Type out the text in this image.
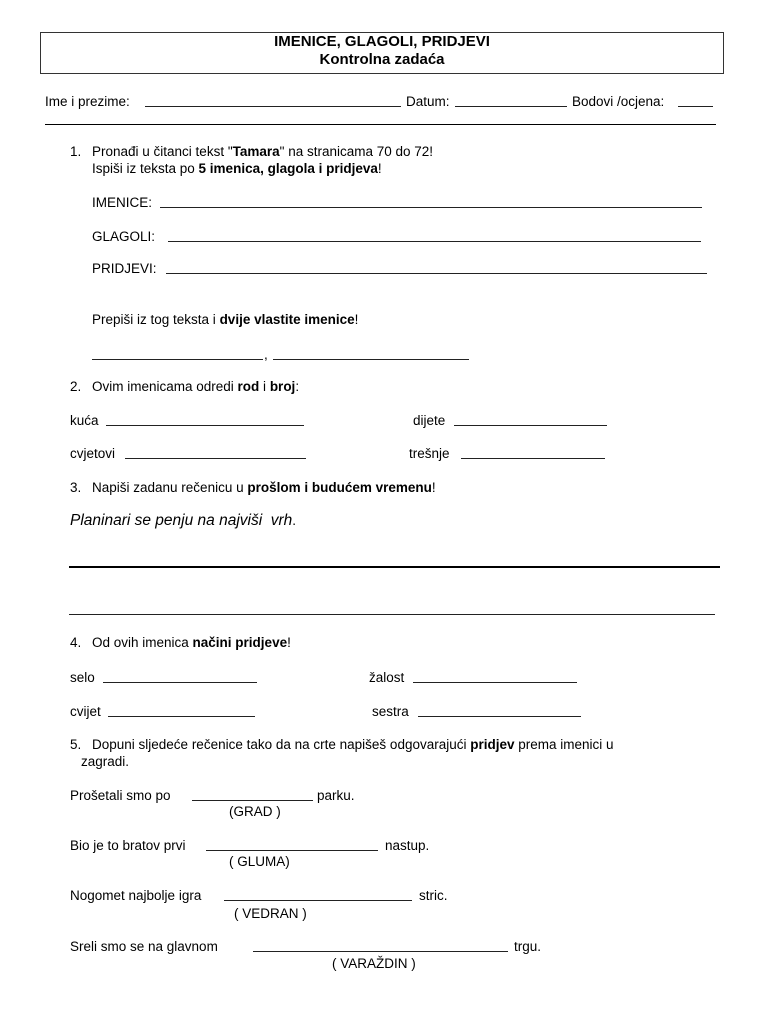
IMENICE, GLAGOLI, PRIDJEVI
Kontrolna zadaća
Ime i prezime:	Datum:	Bodovi /ocjena:
1. Pronađi u čitanci tekst "Tamara" na stranicama 70 do 72!
Ispiši iz teksta po 5 imenica, glagola i pridjeva!
IMENICE:
GLAGOLI:
PRIDJEVI:
Prepiši iz tog teksta i dvije vlastite imenice!
,
2. Ovim imenicama odredi rod i broj:
kuća	dijete
cvjetovi	trešnje
3. Napiši zadanu rečenicu u prošlom i budućem vremenu!
Planinari se penju na najviši  vrh.
4. Od ovih imenica načini pridjeve!
selo	žalost
cvijet	sestra
5. Dopuni sljedeće rečenice tako da na crte napišeš odgovarajući pridjev prema imenici u
zagradi.
Prošetali smo po	parku.
(GRAD )
Bio je to bratov prvi	nastup.
( GLUMA)
Nogomet najbolje igra	stric.
( VEDRAN )
Sreli smo se na glavnom	trgu.
( VARAŽDIN )
